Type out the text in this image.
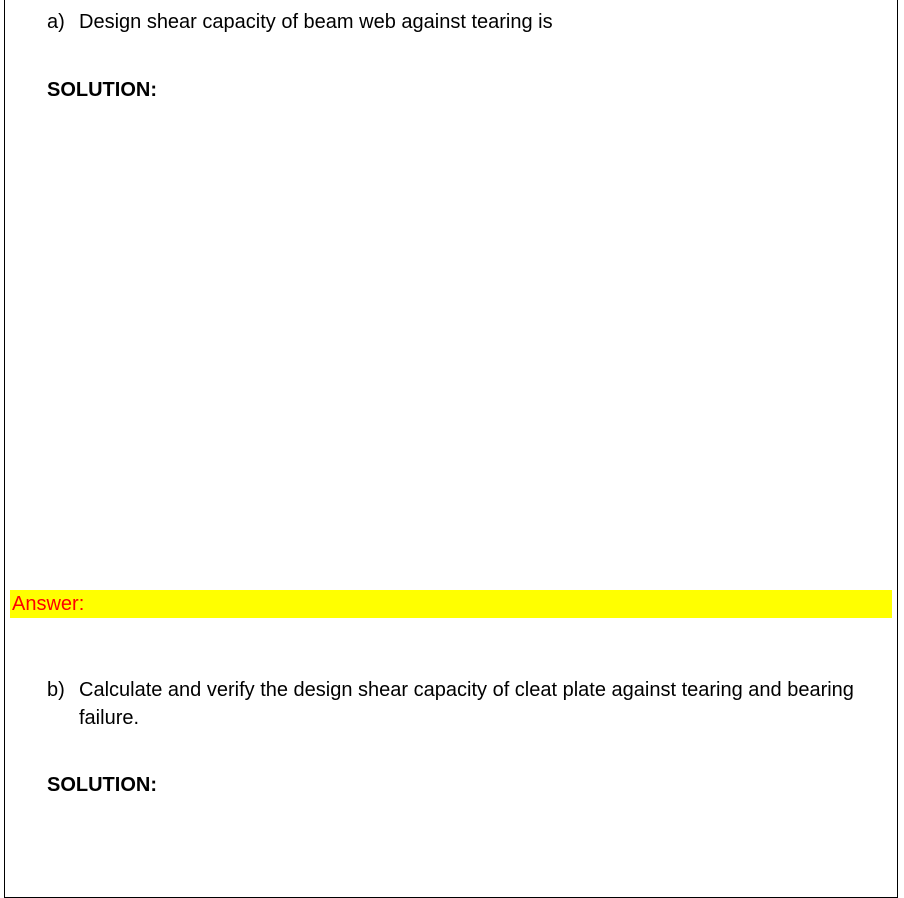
a) Design shear capacity of beam web against tearing is
SOLUTION:
Answer:
b) Calculate and verify the design shear capacity of cleat plate against tearing and bearing failure.
SOLUTION:
